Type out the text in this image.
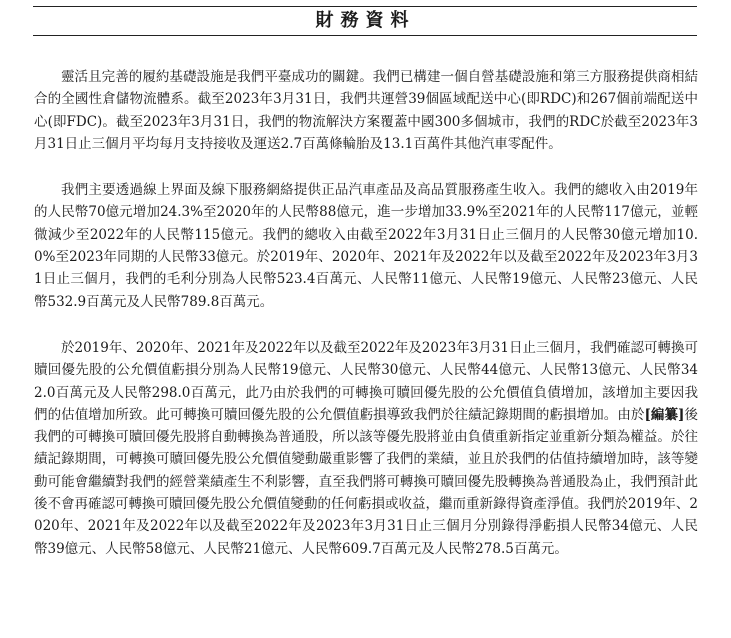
財務資料

靈活且完善的履約基礎設施是我們平臺成功的關鍵。我們已構建一個自營基礎設施和第三方服務提供商相結合的全國性倉儲物流體系。截至2023年3月31日，我們共運營39個區域配送中心(即RDC)和267個前端配送中心(即FDC)。截至2023年3月31日，我們的物流解決方案覆蓋中國300多個城市，我們的RDC於截至2023年3月31日止三個月平均每月支持接收及運送2.7百萬條輪胎及13.1百萬件其他汽車零配件。

我們主要透過線上界面及線下服務網絡提供正品汽車產品及高品質服務產生收入。我們的總收入由2019年的人民幣70億元增加24.3%至2020年的人民幣88億元，進一步增加33.9%至2021年的人民幣117億元，並輕微減少至2022年的人民幣115億元。我們的總收入由截至2022年3月31日止三個月的人民幣30億元增加10.0%至2023年同期的人民幣33億元。於2019年、2020年、2021年及2022年以及截至2022年及2023年3月31日止三個月，我們的毛利分別為人民幣523.4百萬元、人民幣11億元、人民幣19億元、人民幣23億元、人民幣532.9百萬元及人民幣789.8百萬元。

於2019年、2020年、2021年及2022年以及截至2022年及2023年3月31日止三個月，我們確認可轉換可贖回優先股的公允價值虧損分別為人民幣19億元、人民幣30億元、人民幣44億元、人民幣13億元、人民幣342.0百萬元及人民幣298.0百萬元，此乃由於我們的可轉換可贖回優先股的公允價值負債增加，該增加主要因我們的估值增加所致。此可轉換可贖回優先股的公允價值虧損導致我們於往績記錄期間的虧損增加。由於[編纂]後我們的可轉換可贖回優先股將自動轉換為普通股，所以該等優先股將並由負債重新指定並重新分類為權益。於往績記錄期間，可轉換可贖回優先股公允價值變動嚴重影響了我們的業績，並且於我們的估值持續增加時，該等變動可能會繼續對我們的經營業績產生不利影響，直至我們將可轉換可贖回優先股轉換為普通股為止，我們預計此後不會再確認可轉換可贖回優先股公允價值變動的任何虧損或收益，繼而重新錄得資產淨值。我們於2019年、2020年、2021年及2022年以及截至2022年及2023年3月31日止三個月分別錄得淨虧損人民幣34億元、人民幣39億元、人民幣58億元、人民幣21億元、人民幣609.7百萬元及人民幣278.5百萬元。
